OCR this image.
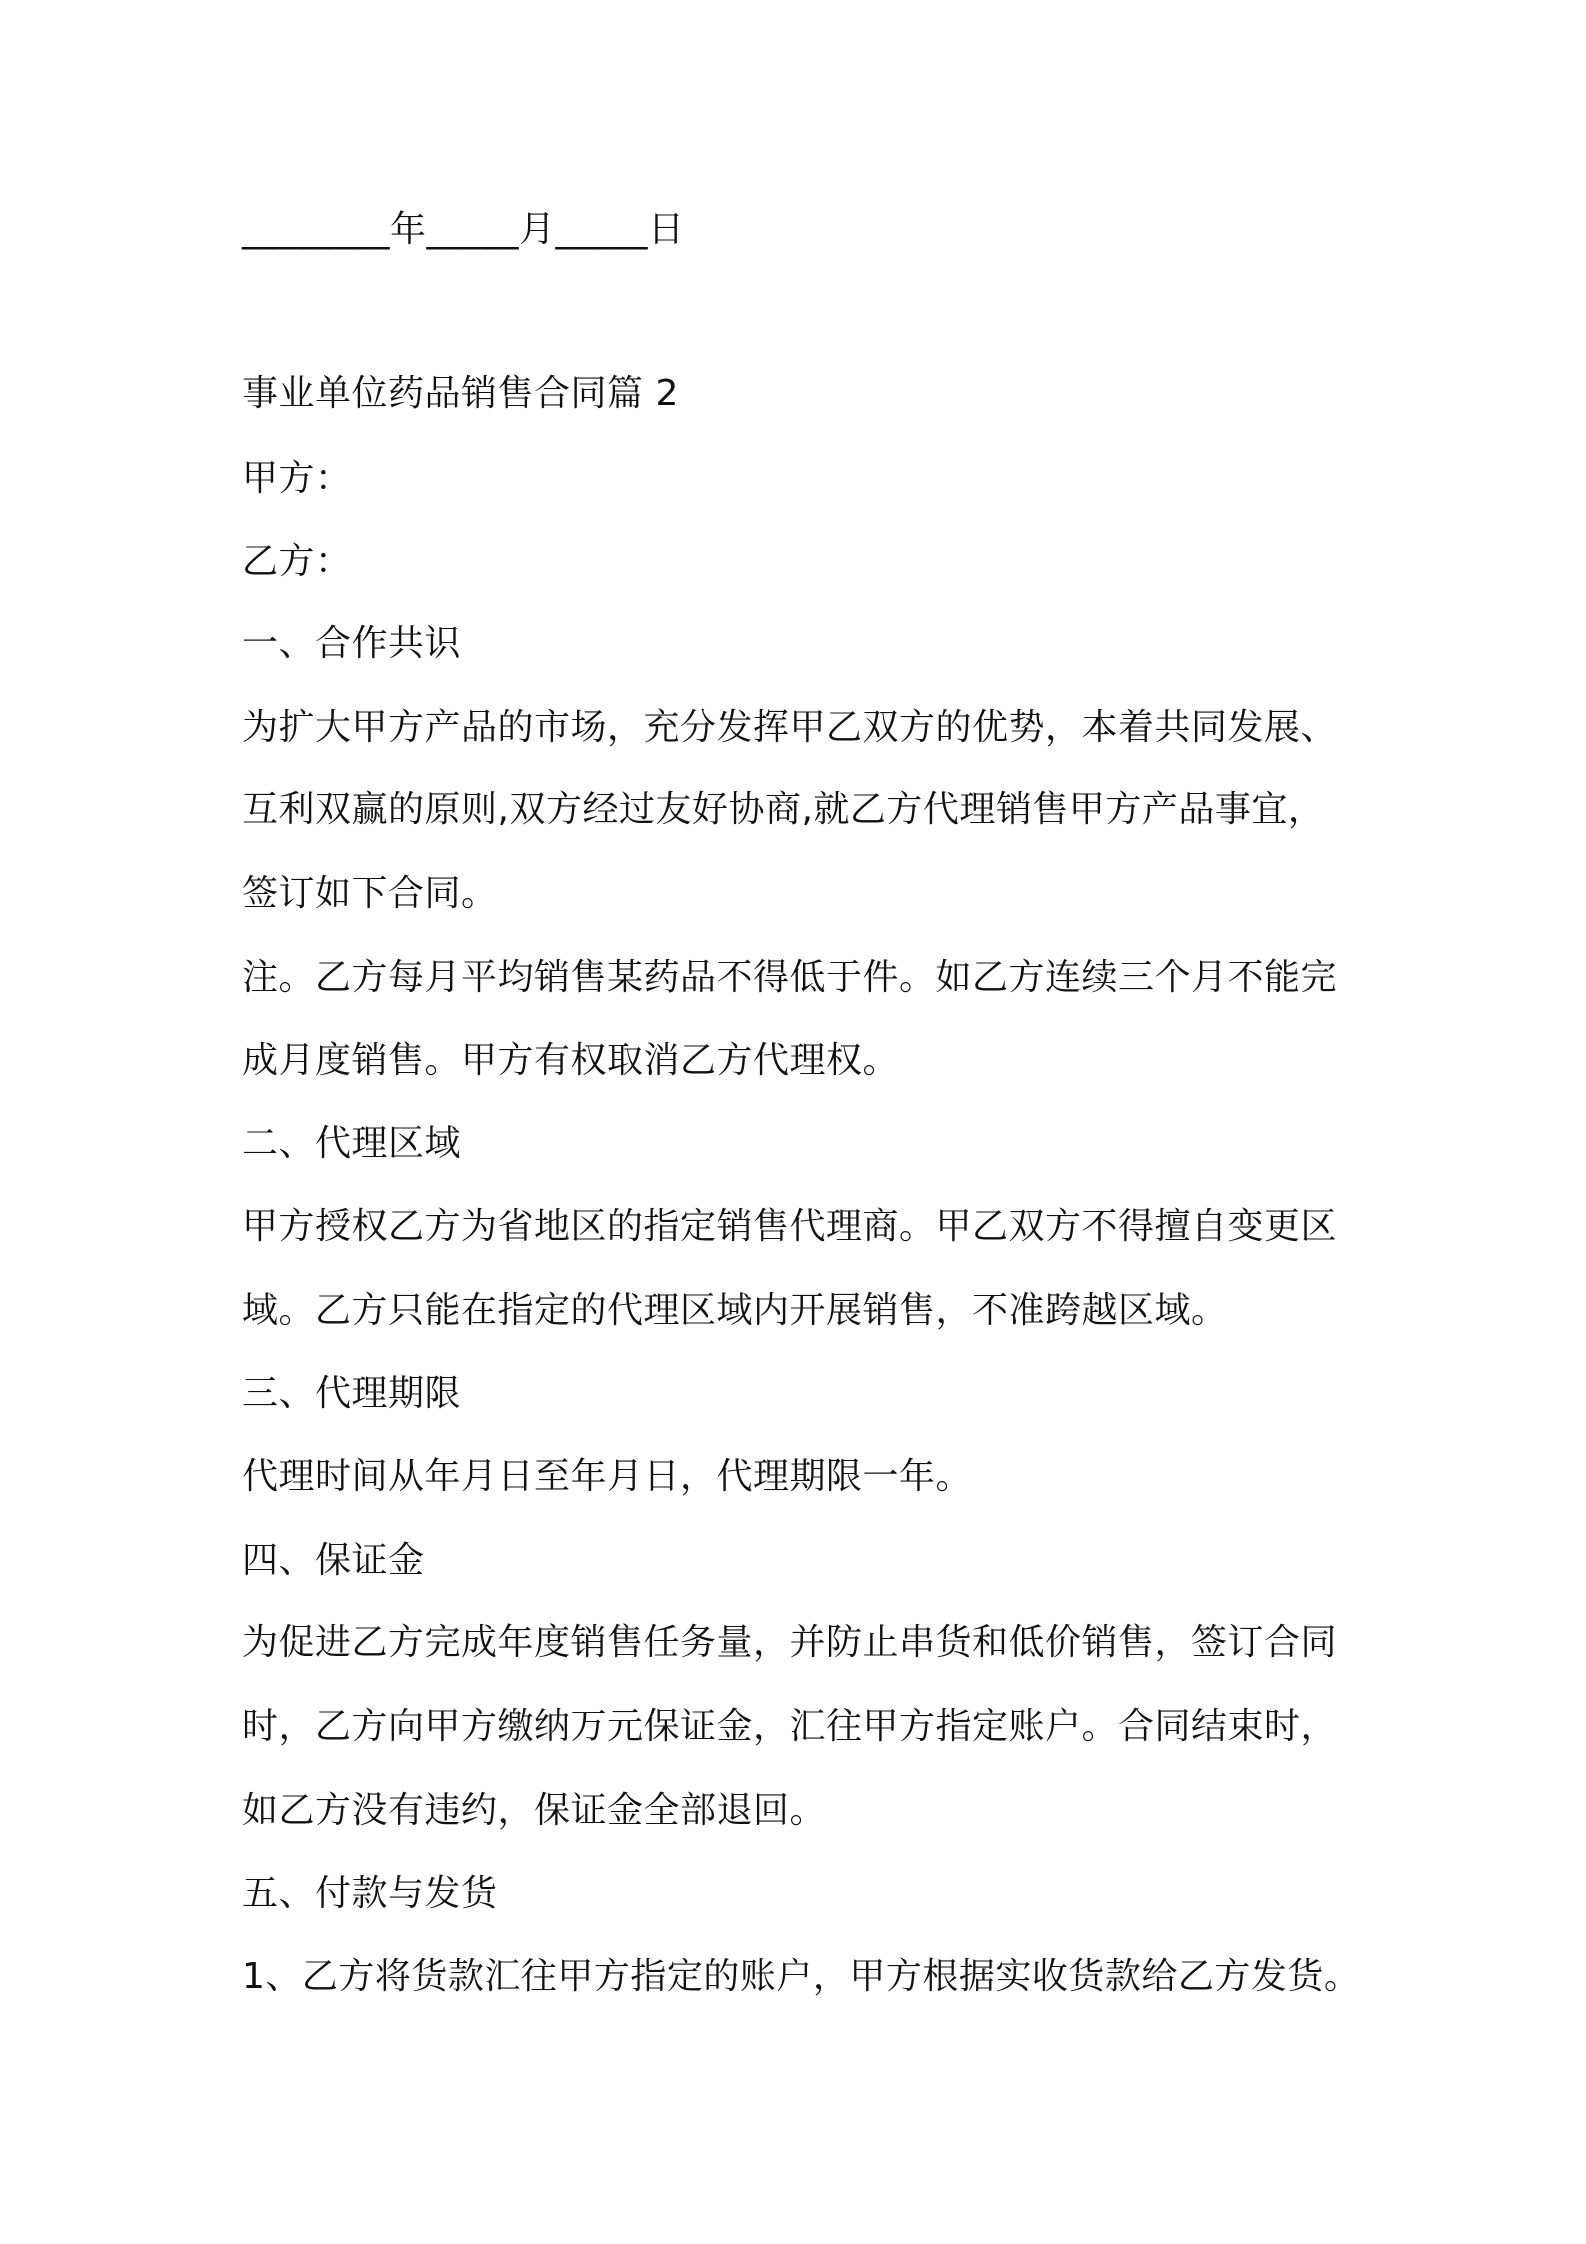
________年_____月_____日
事业单位药品销售合同篇 2
甲方：
乙方：
一、合作共识
为扩大甲方产品的市场，充分发挥甲乙双方的优势，本着共同发展、
互利双赢的原则,双方经过友好协商,就乙方代理销售甲方产品事宜，
签订如下合同。
注。乙方每月平均销售某药品不得低于件。如乙方连续三个月不能完
成月度销售。甲方有权取消乙方代理权。
二、代理区域
甲方授权乙方为省地区的指定销售代理商。甲乙双方不得擅自变更区
域。乙方只能在指定的代理区域内开展销售，不准跨越区域。
三、代理期限
代理时间从年月日至年月日，代理期限一年。
四、保证金
为促进乙方完成年度销售任务量，并防止串货和低价销售，签订合同
时，乙方向甲方缴纳万元保证金，汇往甲方指定账户。合同结束时，
如乙方没有违约，保证金全部退回。
五、付款与发货
1、乙方将货款汇往甲方指定的账户，甲方根据实收货款给乙方发货。
